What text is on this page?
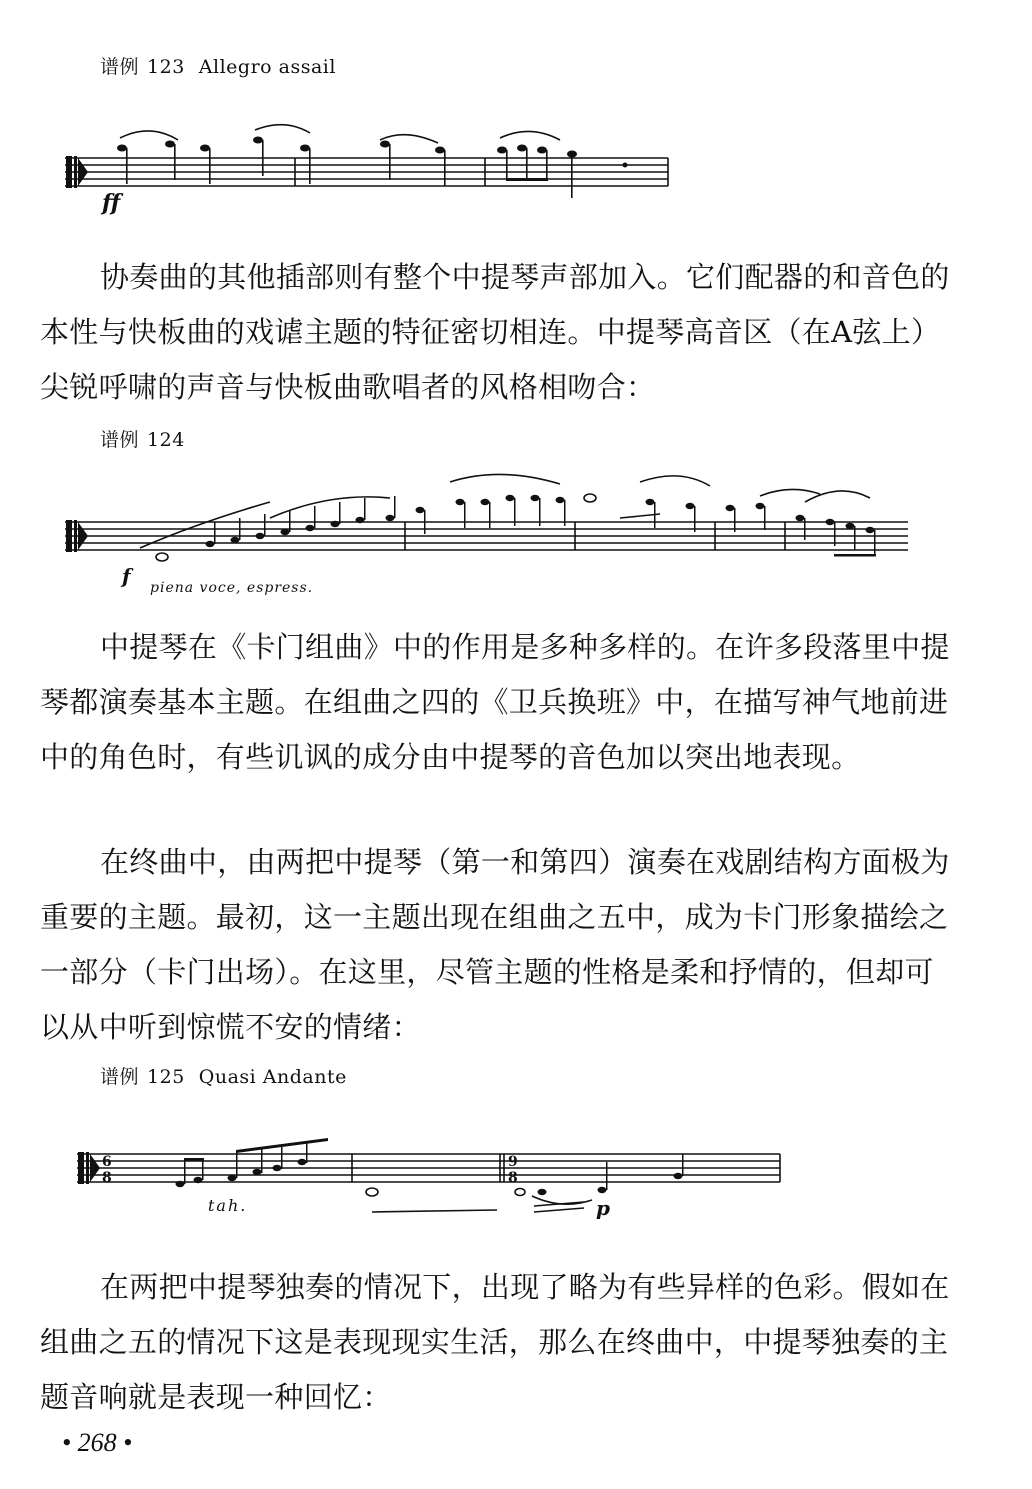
谱例 123 Allegro assail
ff

协奏曲的其他插部则有整个中提琴声部加入。它们配器的和音色的本性与快板曲的戏谑主题的特征密切相连。中提琴高音区（在A弦上）尖锐呼啸的声音与快板曲歌唱者的风格相吻合：

谱例 124
f piena voce, espress.

中提琴在《卡门组曲》中的作用是多种多样的。在许多段落里中提琴都演奏基本主题。在组曲之四的《卫兵换班》中，在描写神气地前进中的角色时，有些讥讽的成分由中提琴的音色加以突出地表现。

在终曲中，由两把中提琴（第一和第四）演奏在戏剧结构方面极为重要的主题。最初，这一主题出现在组曲之五中，成为卡门形象描绘之一部分（卡门出场）。在这里，尽管主题的性格是柔和抒情的，但却可以从中听到惊慌不安的情绪：

谱例 125 Quasi Andante
6
8
9
8
tah.	p

在两把中提琴独奏的情况下，出现了略为有些异样的色彩。假如在组曲之五的情况下这是表现现实生活，那么在终曲中，中提琴独奏的主题音响就是表现一种回忆：

• 268 •
